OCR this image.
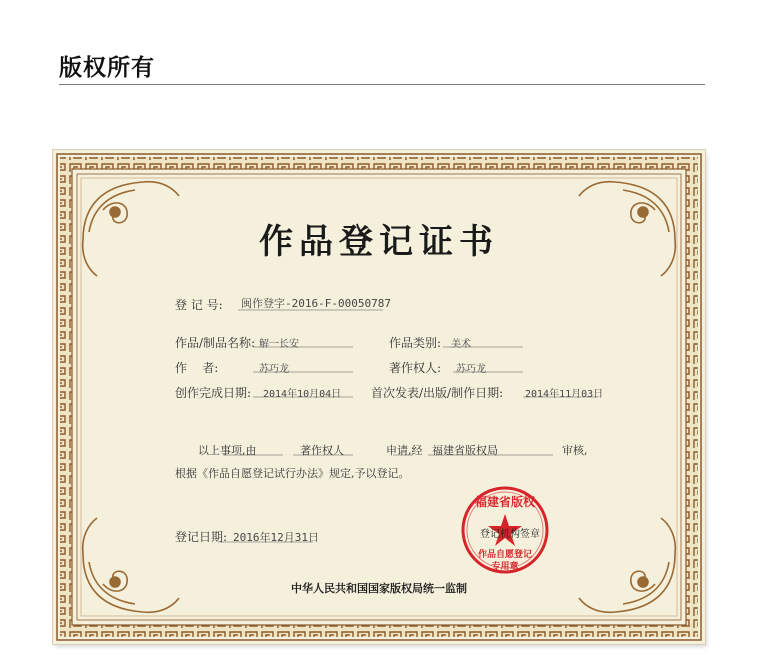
版权所有
作品登记证书
登 记 号: 闽作登字-2016-F-00050787
作品/制品名称: 解一长安	作品类别: 美术
作    者:	苏巧龙	著作权人: 苏巧龙
创作完成日期: 2014年10月04日 首次发表/出版/制作日期: 2014年11月03日
以上事项,由	著作权人	申请,经 福建省版权局	审核,
根据《作品自愿登记试行办法》规定,予以登记。
登记日期: 2016年12月31日
福建省版权
作品自愿登记
专用章
登记机构签章
中华人民共和国国家版权局统一监制
